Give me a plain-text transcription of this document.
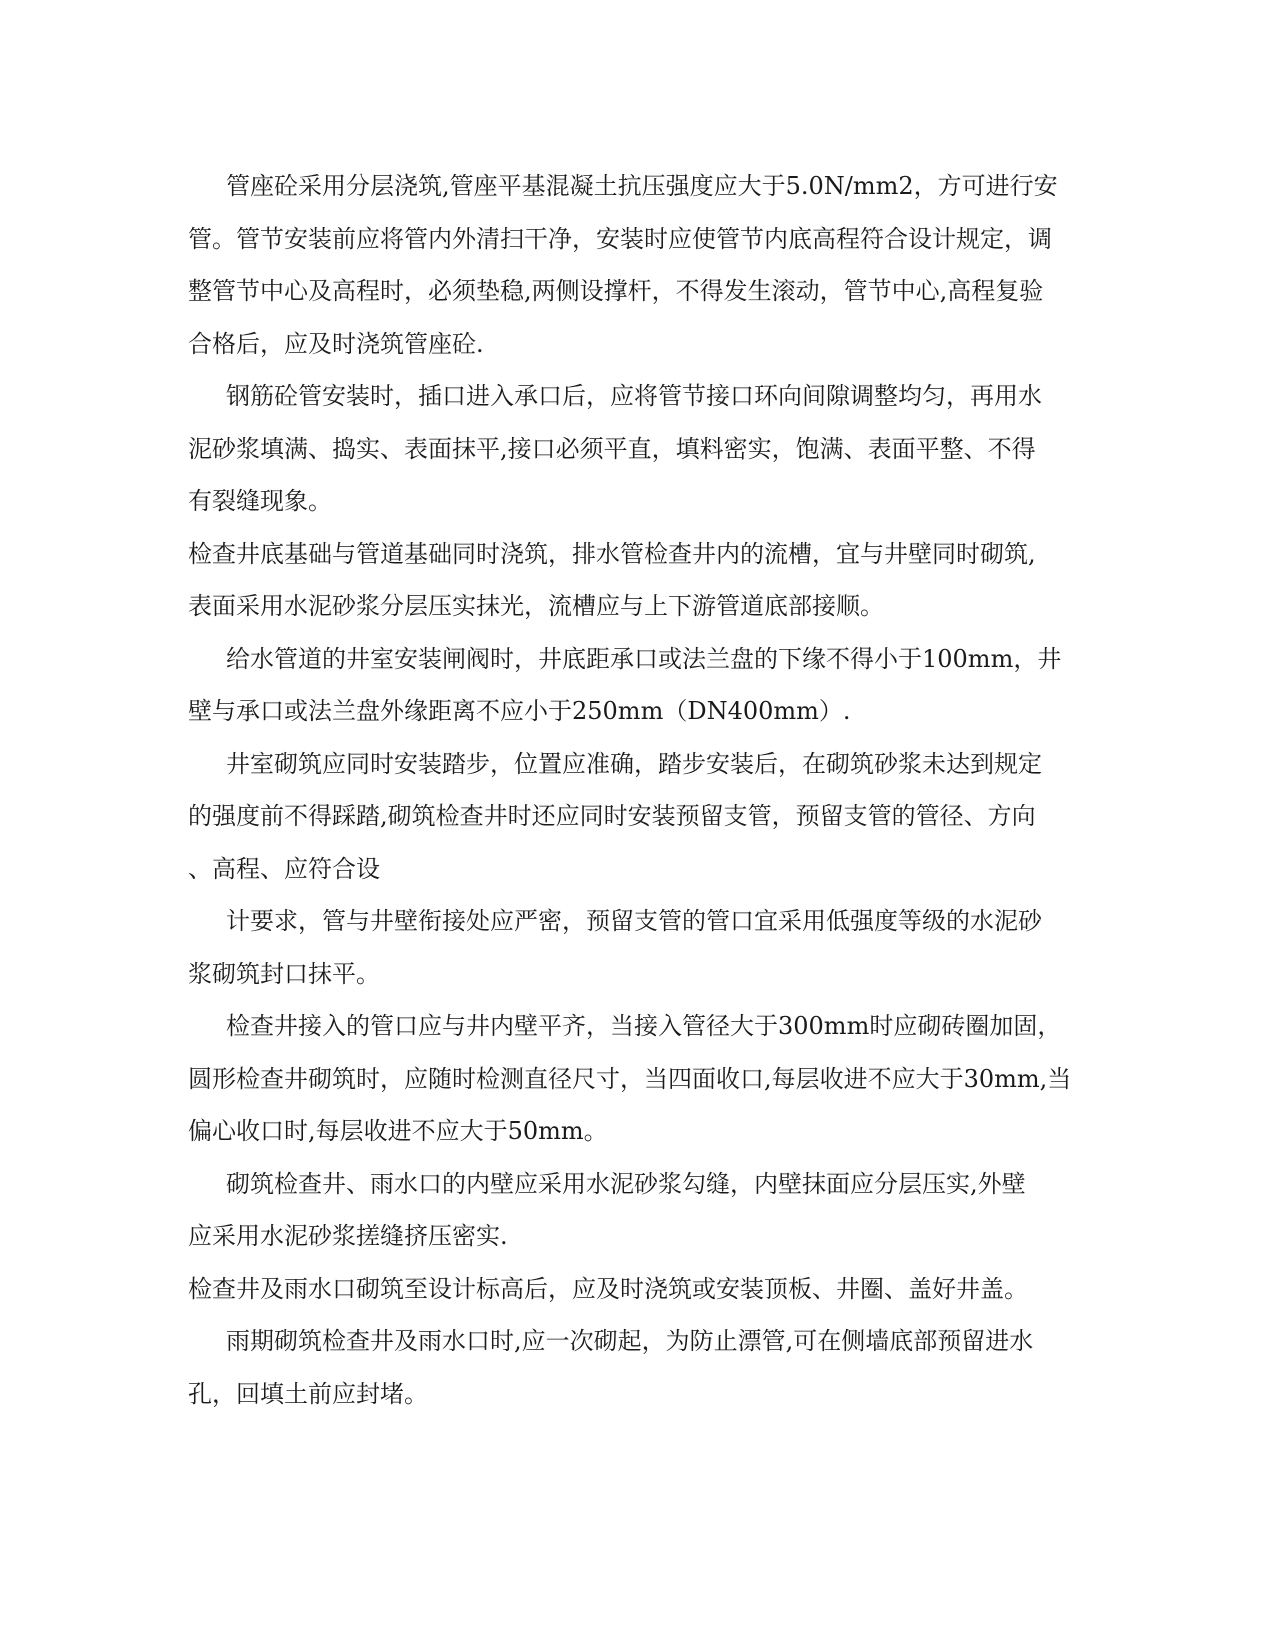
管座砼采用分层浇筑,管座平基混凝土抗压强度应大于5.0N/mm2，方可进行安
管。管节安装前应将管内外清扫干净，安装时应使管节内底高程符合设计规定，调
整管节中心及高程时，必须垫稳,两侧设撑杆，不得发生滚动，管节中心,高程复验
合格后，应及时浇筑管座砼.
钢筋砼管安装时，插口进入承口后，应将管节接口环向间隙调整均匀，再用水
泥砂浆填满、捣实、表面抹平,接口必须平直，填料密实，饱满、表面平整、不得
有裂缝现象。
检查井底基础与管道基础同时浇筑，排水管检查井内的流槽，宜与井壁同时砌筑,
表面采用水泥砂浆分层压实抹光，流槽应与上下游管道底部接顺。
给水管道的井室安装闸阀时，井底距承口或法兰盘的下缘不得小于100mm，井
壁与承口或法兰盘外缘距离不应小于250mm（DN400mm）.
井室砌筑应同时安装踏步，位置应准确，踏步安装后，在砌筑砂浆未达到规定
的强度前不得踩踏,砌筑检查井时还应同时安装预留支管，预留支管的管径、方向
、高程、应符合设
计要求，管与井壁衔接处应严密，预留支管的管口宜采用低强度等级的水泥砂
浆砌筑封口抹平。
检查井接入的管口应与井内壁平齐，当接入管径大于300mm时应砌砖圈加固，
圆形检查井砌筑时，应随时检测直径尺寸，当四面收口,每层收进不应大于30mm,当
偏心收口时,每层收进不应大于50mm。
砌筑检查井、雨水口的内壁应采用水泥砂浆勾缝，内壁抹面应分层压实,外壁
应采用水泥砂浆搓缝挤压密实.
检查井及雨水口砌筑至设计标高后，应及时浇筑或安装顶板、井圈、盖好井盖。
雨期砌筑检查井及雨水口时,应一次砌起，为防止漂管,可在侧墙底部预留进水
孔，回填土前应封堵。
